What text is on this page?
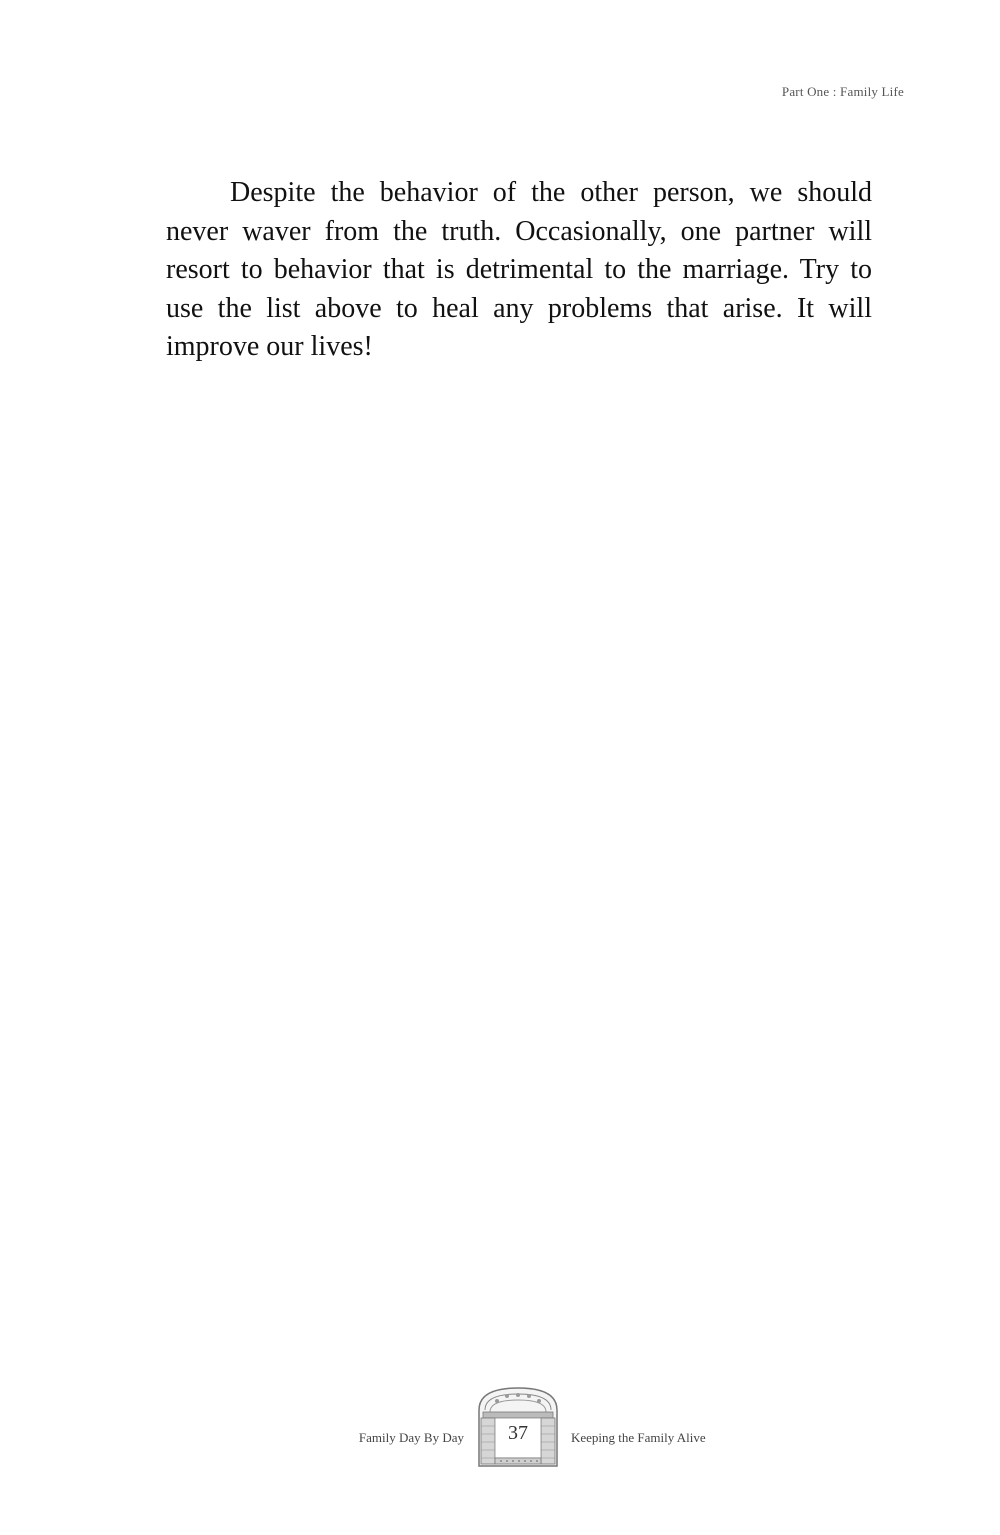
Part One : Family Life

Despite the behavior of the other person, we should never waver from the truth. Occasionally, one partner will resort to behavior that is detrimental to the marriage. Try to use the list above to heal any problems that arise. It will improve our lives!

Family Day By Day	37	Keeping the Family Alive
